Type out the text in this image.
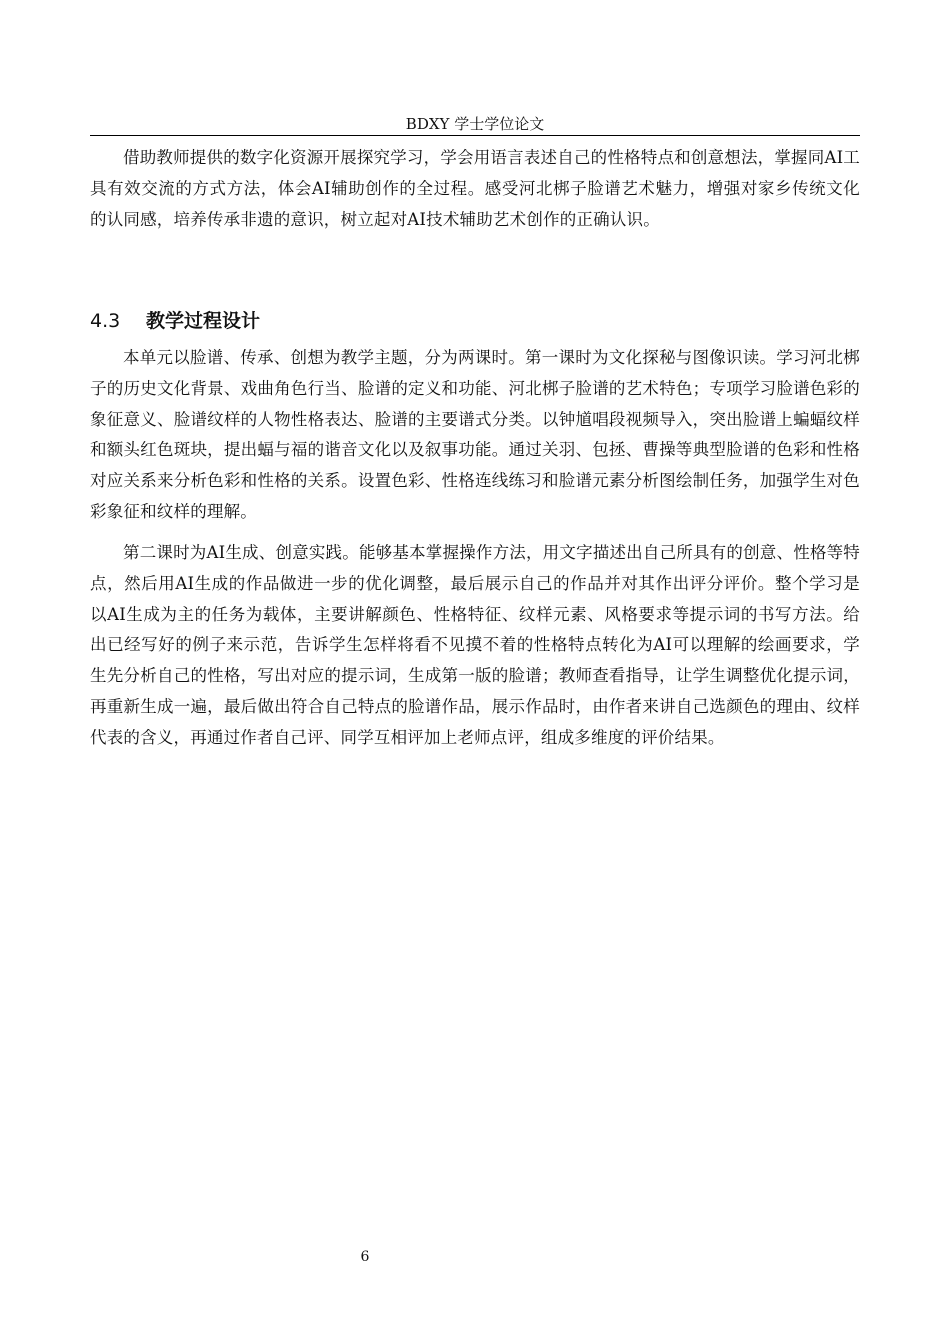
BDXY 学士学位论文

借助教师提供的数字化资源开展探究学习，学会用语言表述自己的性格特点和创意想法，掌握同AI工具有效交流的方式方法，体会AI辅助创作的全过程。感受河北梆子脸谱艺术魅力，增强对家乡传统文化的认同感，培养传承非遗的意识，树立起对AI技术辅助艺术创作的正确认识。

4.3 教学过程设计

本单元以脸谱、传承、创想为教学主题，分为两课时。第一课时为文化探秘与图像识读。学习河北梆子的历史文化背景、戏曲角色行当、脸谱的定义和功能、河北梆子脸谱的艺术特色；专项学习脸谱色彩的象征意义、脸谱纹样的人物性格表达、脸谱的主要谱式分类。以钟馗唱段视频导入，突出脸谱上蝙蝠纹样和额头红色斑块，提出蝠与福的谐音文化以及叙事功能。通过关羽、包拯、曹操等典型脸谱的色彩和性格对应关系来分析色彩和性格的关系。设置色彩、性格连线练习和脸谱元素分析图绘制任务，加强学生对色彩象征和纹样的理解。

第二课时为AI生成、创意实践。能够基本掌握操作方法，用文字描述出自己所具有的创意、性格等特点，然后用AI生成的作品做进一步的优化调整，最后展示自己的作品并对其作出评分评价。整个学习是以AI生成为主的任务为载体，主要讲解颜色、性格特征、纹样元素、风格要求等提示词的书写方法。给出已经写好的例子来示范，告诉学生怎样将看不见摸不着的性格特点转化为AI可以理解的绘画要求，学生先分析自己的性格，写出对应的提示词，生成第一版的脸谱；教师查看指导，让学生调整优化提示词，再重新生成一遍，最后做出符合自己特点的脸谱作品，展示作品时，由作者来讲自己选颜色的理由、纹样代表的含义，再通过作者自己评、同学互相评加上老师点评，组成多维度的评价结果。

6
